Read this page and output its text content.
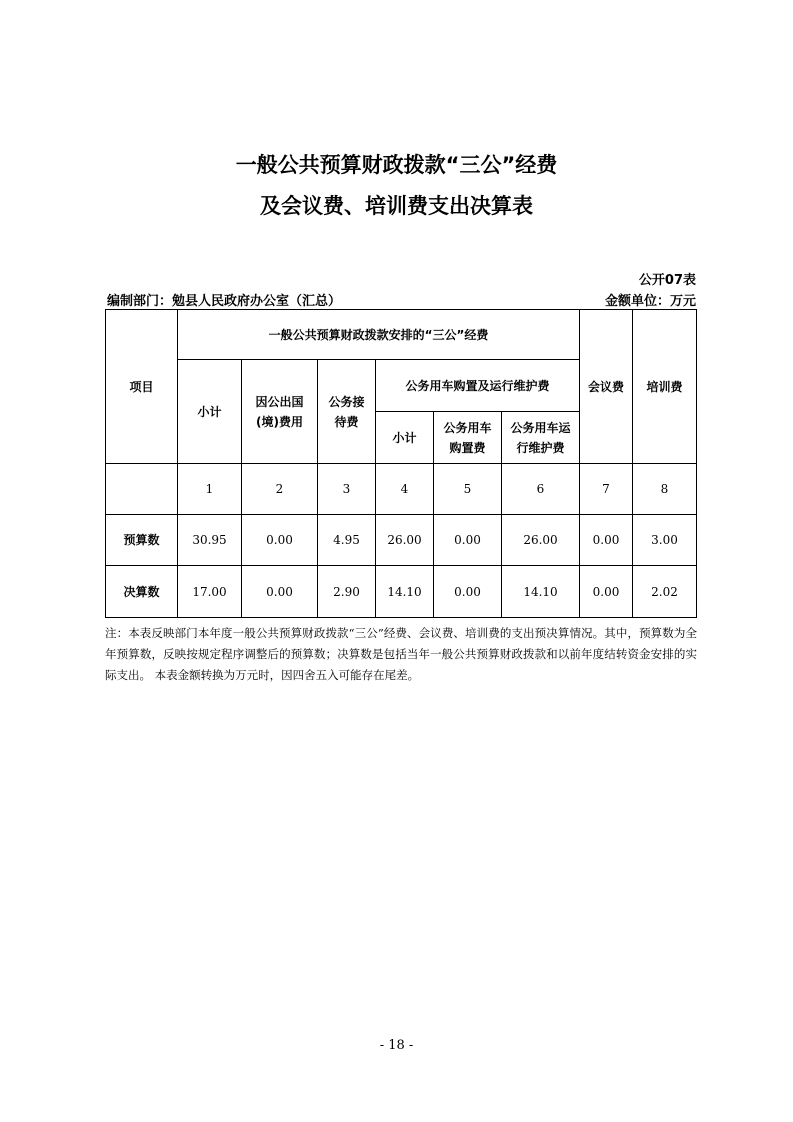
一般公共预算财政拨款“三公”经费
及会议费、培训费支出决算表
公开07表
编制部门：勉县人民政府办公室（汇总）	金额单位：万元
项目	一般公共预算财政拨款安排的“三公”经费						会议费	培训费
	小计	因公出国(境)费用	公务接待费	公务用车购置及运行维护费				
				小计	公务用车购置费	公务用车运行维护费		
	1	2	3	4	5	6	7	8
预算数	30.95	0.00	4.95	26.00	0.00	26.00	0.00	3.00
决算数	17.00	0.00	2.90	14.10	0.00	14.10	0.00	2.02
注：本表反映部门本年度一般公共预算财政拨款“三公”经费、会议费、培训费的支出预决算情况。其中，预算数为全年预算数，反映按规定程序调整后的预算数；决算数是包括当年一般公共预算财政拨款和以前年度结转资金安排的实际支出。 本表金额转换为万元时，因四舍五入可能存在尾差。
- 18 -
